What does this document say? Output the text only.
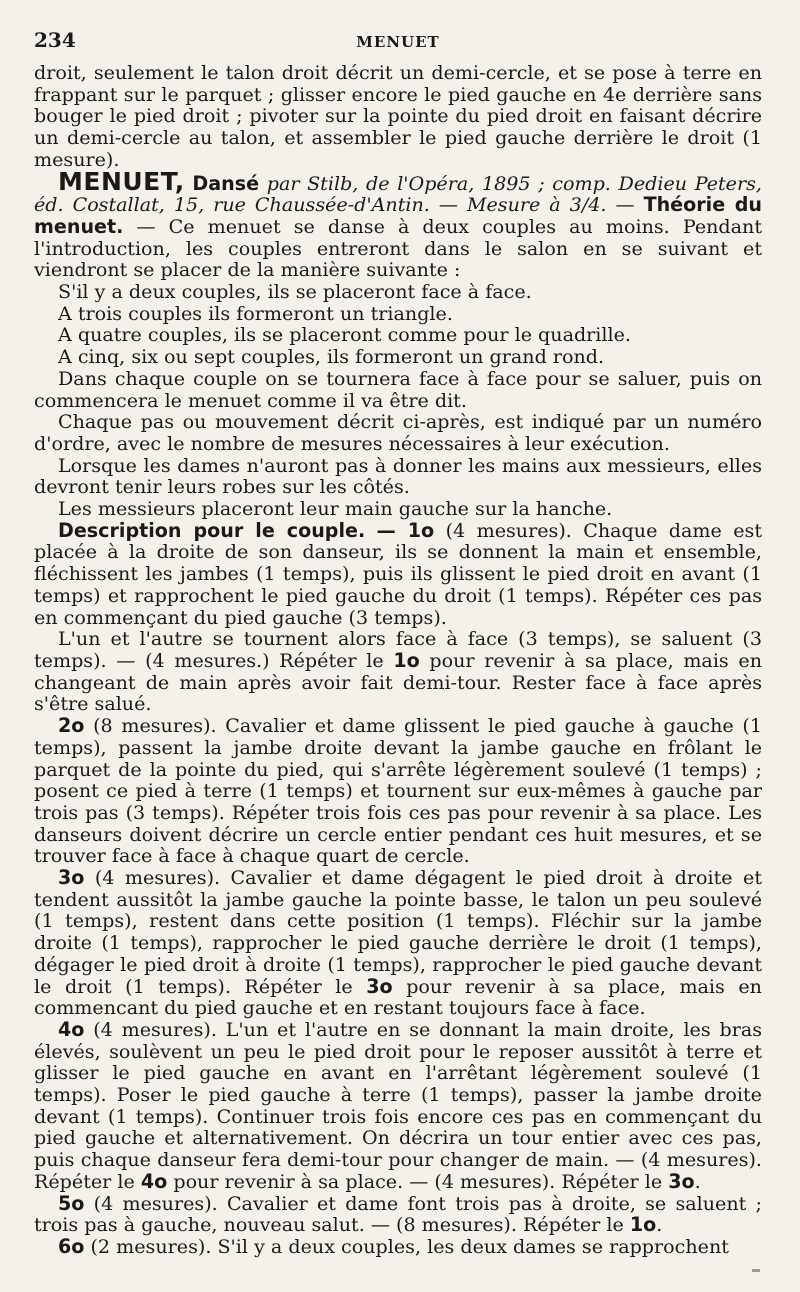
234	MENUET

droit, seulement le talon droit décrit un demi-cercle, et se pose à terre en frappant sur le parquet ; glisser encore le pied gauche en 4e derrière sans bouger le pied droit ; pivoter sur la pointe du pied droit en faisant décrire un demi-cercle au talon, et assembler le pied gauche derrière le droit (1 mesure).

MENUET, Dansé par Stilb, de l'Opéra, 1895 ; comp. Dedieu Peters, éd. Costallat, 15, rue Chaussée-d'Antin. — Mesure à 3/4. — Théorie du menuet. — Ce menuet se danse à deux couples au moins. Pendant l'introduction, les couples entreront dans le salon en se suivant et viendront se placer de la manière suivante :

S'il y a deux couples, ils se placeront face à face.

A trois couples ils formeront un triangle.

A quatre couples, ils se placeront comme pour le quadrille.

A cinq, six ou sept couples, ils formeront un grand rond.

Dans chaque couple on se tournera face à face pour se saluer, puis on commencera le menuet comme il va être dit.

Chaque pas ou mouvement décrit ci-après, est indiqué par un numéro d'ordre, avec le nombre de mesures nécessaires à leur exécution.

Lorsque les dames n'auront pas à donner les mains aux messieurs, elles devront tenir leurs robes sur les côtés.

Les messieurs placeront leur main gauche sur la hanche.

Description pour le couple. — 1o (4 mesures). Chaque dame est placée à la droite de son danseur, ils se donnent la main et ensemble, fléchissent les jambes (1 temps), puis ils glissent le pied droit en avant (1 temps) et rapprochent le pied gauche du droit (1 temps). Répéter ces pas en commençant du pied gauche (3 temps).

L'un et l'autre se tournent alors face à face (3 temps), se saluent (3 temps). — (4 mesures.) Répéter le 1o pour revenir à sa place, mais en changeant de main après avoir fait demi-tour. Rester face à face après s'être salué.

2o (8 mesures). Cavalier et dame glissent le pied gauche à gauche (1 temps), passent la jambe droite devant la jambe gauche en frôlant le parquet de la pointe du pied, qui s'arrête légèrement soulevé (1 temps) ; posent ce pied à terre (1 temps) et tournent sur eux-mêmes à gauche par trois pas (3 temps). Répéter trois fois ces pas pour revenir à sa place. Les danseurs doivent décrire un cercle entier pendant ces huit mesures, et se trouver face à face à chaque quart de cercle.

3o (4 mesures). Cavalier et dame dégagent le pied droit à droite et tendent aussitôt la jambe gauche la pointe basse, le talon un peu soulevé (1 temps), restent dans cette position (1 temps). Fléchir sur la jambe droite (1 temps), rapprocher le pied gauche derrière le droit (1 temps), dégager le pied droit à droite (1 temps), rapprocher le pied gauche devant le droit (1 temps). Répéter le 3o pour revenir à sa place, mais en commencant du pied gauche et en restant toujours face à face.

4o (4 mesures). L'un et l'autre en se donnant la main droite, les bras élevés, soulèvent un peu le pied droit pour le reposer aussitôt à terre et glisser le pied gauche en avant en l'arrêtant légèrement soulevé (1 temps). Poser le pied gauche à terre (1 temps), passer la jambe droite devant (1 temps). Continuer trois fois encore ces pas en commençant du pied gauche et alternativement. On décrira un tour entier avec ces pas, puis chaque danseur fera demi-tour pour changer de main. — (4 mesures). Répéter le 4o pour revenir à sa place. — (4 mesures). Répéter le 3o.

5o (4 mesures). Cavalier et dame font trois pas à droite, se saluent ; trois pas à gauche, nouveau salut. — (8 mesures). Répéter le 1o.

6o (2 mesures). S'il y a deux couples, les deux dames se rapprochent
